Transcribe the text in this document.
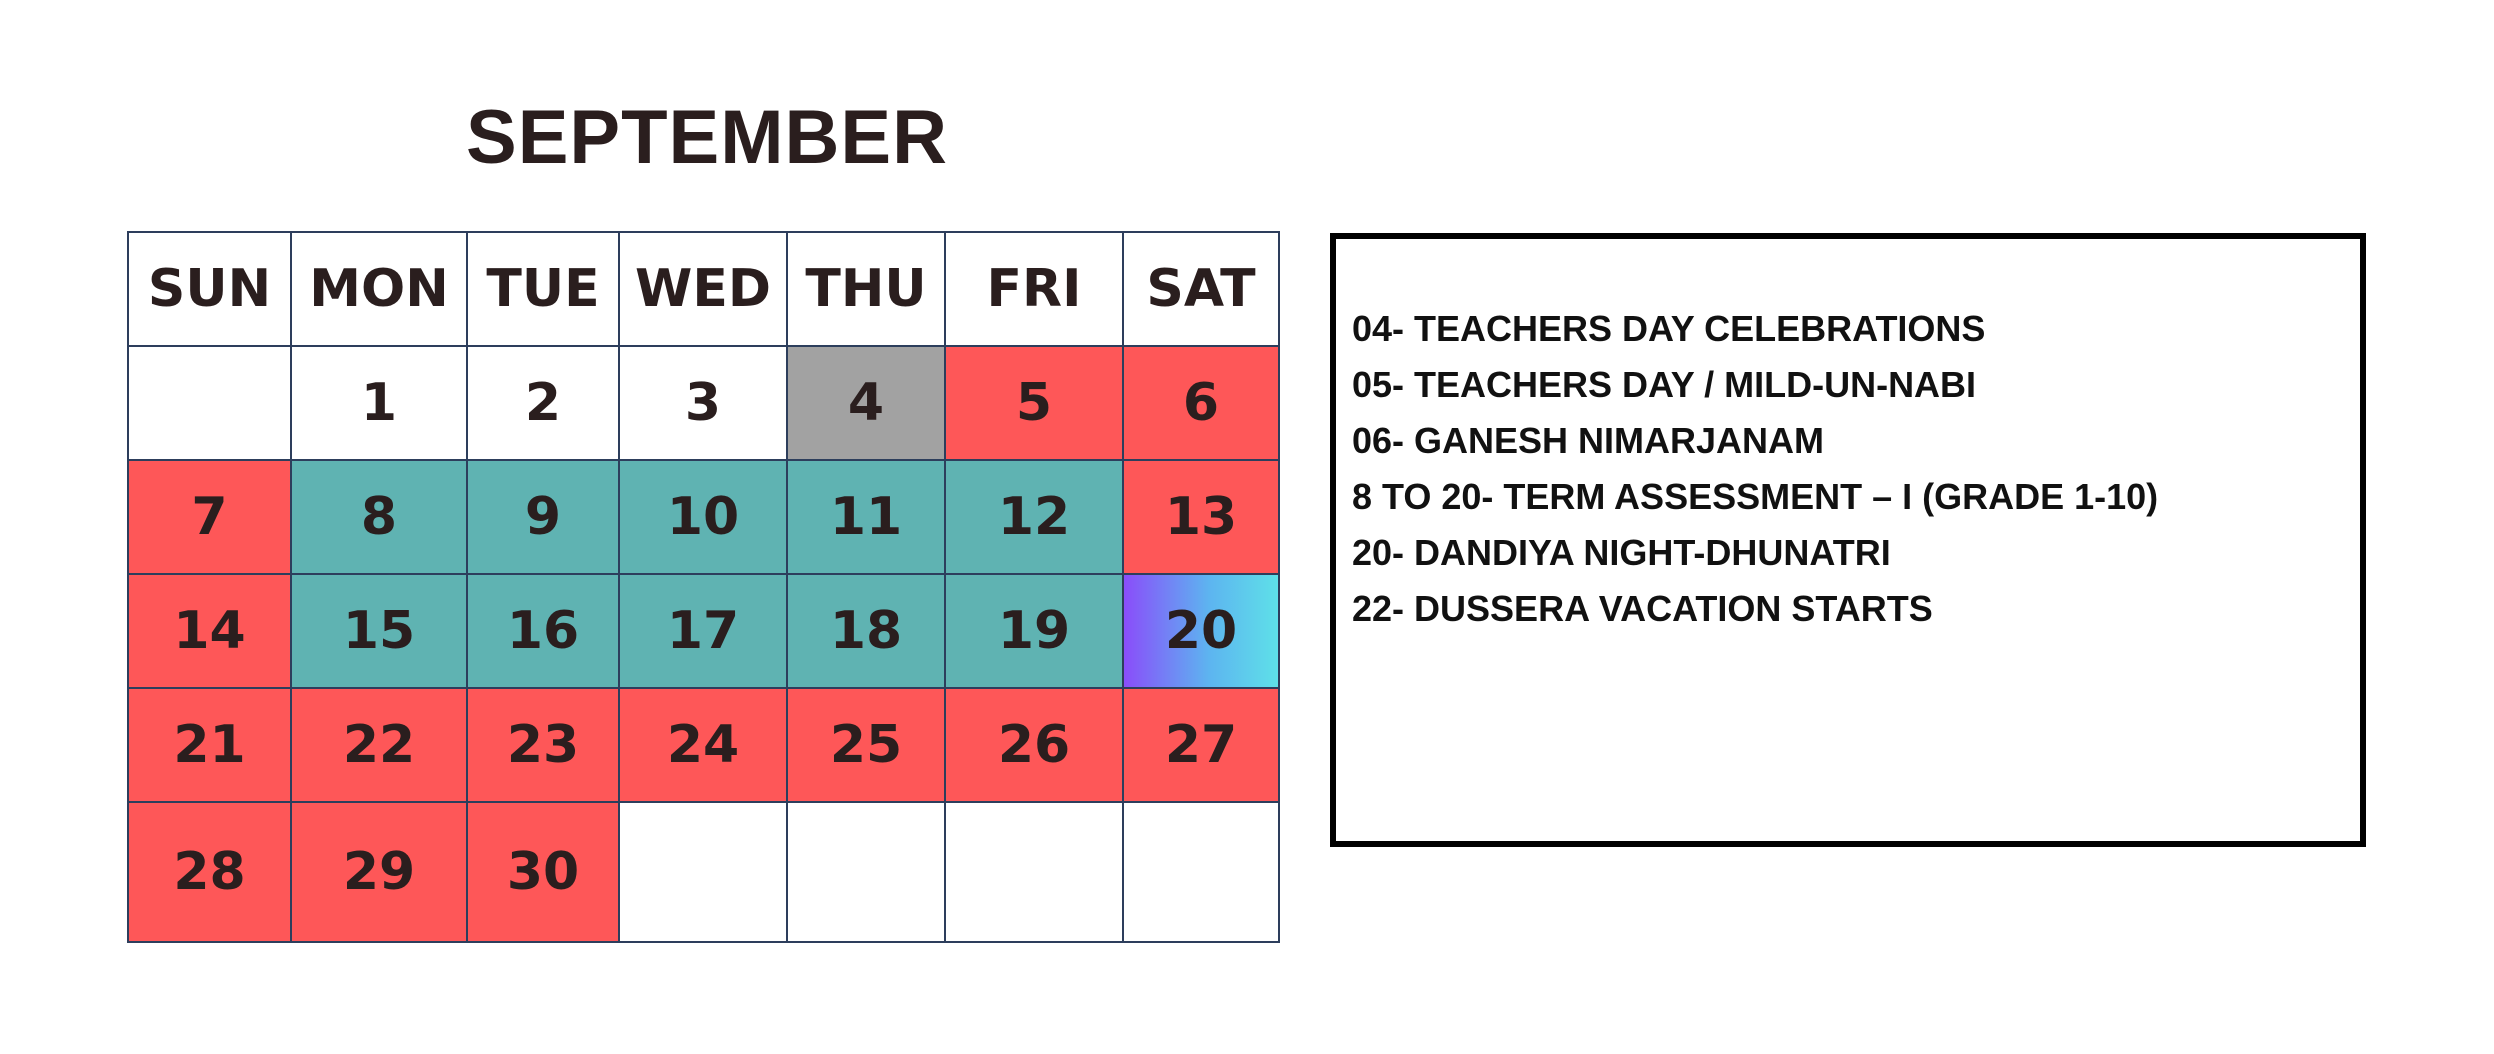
SEPTEMBER
SUN	MON	TUE	WED	THU	FRI	SAT
	1	2	3	4	5	6
7	8	9	10	11	12	13
14	15	16	17	18	19	20
21	22	23	24	25	26	27
28	29	30				
04- TEACHERS DAY CELEBRATIONS
05- TEACHERS DAY / MILD-UN-NABI
06- GANESH NIMARJANAM
8 TO 20- TERM ASSESSMENT – I (GRADE 1-10)
20- DANDIYA NIGHT-DHUNATRI
22- DUSSERA VACATION STARTS
